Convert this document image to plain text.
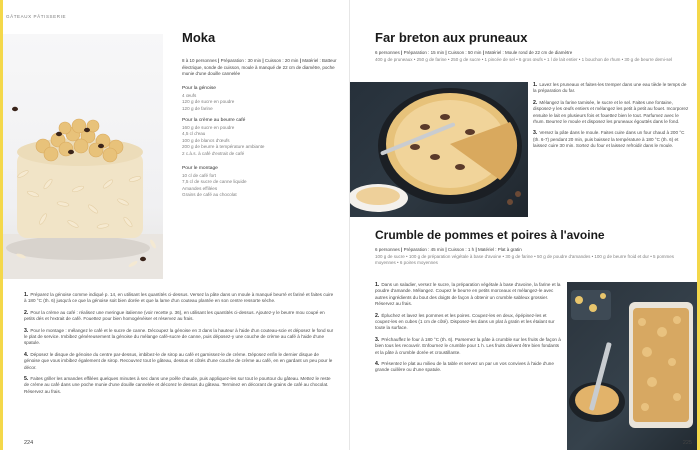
GÂTEAUX PÂTISSERIE
Moka
8 à 10 personnes | Préparation : 30 min | Cuisson : 20 min | Matériel : Batteur électrique, sonde de cuisson, moule à manqué de 22 cm de diamètre, poche munie d'une douille cannelée
Pour la génoise
4 œufs
120 g de sucre en poudre
120 g de farine
Pour la crème au beurre café
160 g de sucre en poudre
4,5 cl d'eau
100 g de blancs d'œufs
200 g de beurre à température ambiante
2 c.à.s. à café d'extrait de café
Pour le montage
10 cl de café fort
7,5 cl de sucre de canne liquide
Amandes effilées
Grains de café au chocolat
1. Préparez la génoise comme indiqué p. 14, en utilisant les quantités ci-dessus. Versez la pâte dans un moule à manqué beurré et fariné et faites cuire à 180 °C (th. 6) jusqu'à ce que la génoise soit bien dorée et que la lame d'un couteau plantée en son centre ressorte sèche.
2. Pour la crème au café : réalisez une meringue italienne (voir recette p. 36), en utilisant les quantités ci-dessus. Ajoutez-y le beurre mou coupé en petits dés et l'extrait de café. Fouettez pour bien homogénéiser et réservez au frais.
3. Pour le montage : mélangez le café et le sucre de canne. Découpez la génoise en 3 dans la hauteur à l'aide d'un couteau-scie et déposez le fond sur le plat de service. Imbibez généreusement la génoise du mélange café-sucre de canne, puis déposez-y une couche de crème au café à l'aide d'une spatule.
4. Déposez le disque de génoise du centre par-dessus, imbibez-le de sirop au café et garnissez-le de crème. Déposez enfin le dernier disque de génoise que vous imbibez également de sirop. Recouvrez tout le gâteau, dessus et côtés d'une couche de crème au café, en en gardant un peu pour le décor.
5. Faites griller les amandes effilées quelques minutes à sec dans une poêle chaude, puis appliquez-les sur tout le pourtour du gâteau. Mettez le reste de crème au café dans une poche munie d'une douille cannelée et décorez le dessus du gâteau. Terminez en décorant de grains de café au chocolat. Réservez au frais.
224
Far breton aux pruneaux
6 personnes | Préparation : 15 min | Cuisson : 50 min | Matériel : Moule rond de 22 cm de diamètre
400 g de pruneaux • 250 g de farine • 250 g de sucre • 1 pincée de sel • 6 gros œufs • 1 l de lait entier • 1 bouchon de rhum • 30 g de beurre demi-sel
1. Lavez les pruneaux et faites-les tremper dans une eau tiède le temps de la préparation du far.
2. Mélangez la farine tamisée, le sucre et le sel. Faites une fontaine, disposez-y les œufs entiers et mélangez les petit à petit au fouet. Incorporez ensuite le lait en plusieurs fois et fouettez bien le tout. Parfumez avec le rhum. Beurrez le moule et disposez les pruneaux égouttés dans le fond.
3. Versez la pâte dans le moule. Faites cuire dans un four chaud à 200 °C (th. 6-7) pendant 20 min, puis baissez la température à 180 °C (th. 6) et laissez cuire 30 min. Sortez du four et laissez refroidir dans le moule.
Crumble de pommes et poires à l'avoine
6 personnes | Préparation : 45 min | Cuisson : 1 h | Matériel : Plat à gratin
100 g de sucre • 100 g de préparation végétale à base d'avoine • 30 g de farine • 50 g de poudre d'amandes • 100 g de beurre froid et dur • 5 pommes moyennes • 6 poires moyennes
1. Dans un saladier, versez le sucre, la préparation végétale à base d'avoine, la farine et la poudre d'amande. Mélangez. Coupez le beurre en petits morceaux et mélangez-le avec autres ingrédients du bout des doigts de façon à obtenir un crumble sableux grossier. Réservez au frais.
2. Épluchez et lavez les pommes et les poires. Coupez-les en deux, épépinez-les et coupez-les en cubes (1 cm de côté). Disposez-les dans un plat à gratin et les étalant sur toute la surface.
3. Préchauffez le four à 180 °C (th. 6). Parsemez la pâte à crumble sur les fruits de façon à bien tous les recouvrir. Enfournez le crumble pour 1 h. Les fruits doivent être bien fondants et la pâte à crumble dorée et croustillante.
4. Présentez le plat au milieu de la table et servez un par un vos convives à l'aide d'une grande cuillère ou d'une spatule.
225
